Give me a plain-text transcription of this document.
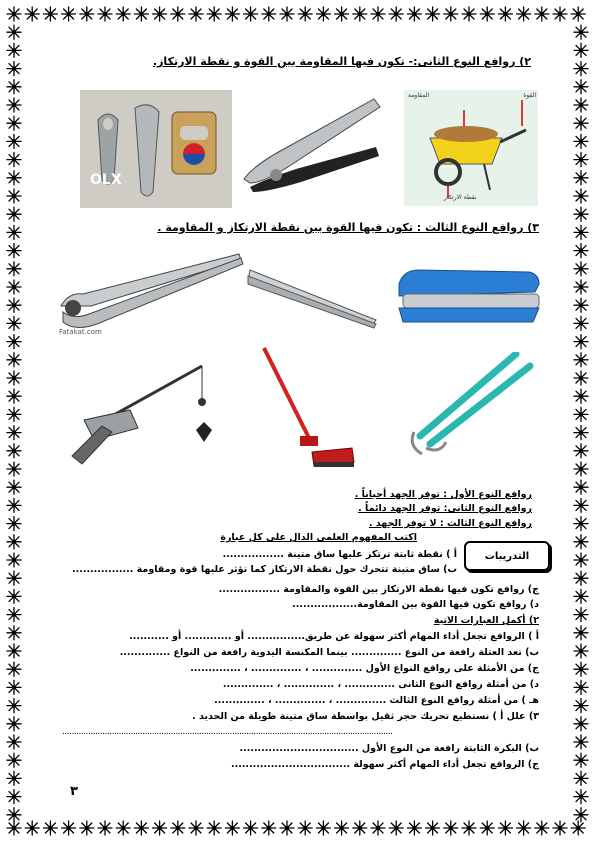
٢) روافع النوع الثانى:- تكون فيها المقاومة بين القوة و نقطة الارتكاز.
OLX
المقاومة	القوة
نقطة الارتكاز
٣) روافع النوع الثالث : تكون فيها القوة بين نقطة الارتكاز و المقاومة .
Fatakat.com
روافع النوع الأول : توفر الجهد أحياناً .
روافع النوع الثانى: توفر الجهد دائماً .
روافع النوع الثالث : لا توفر الجهد .
التدريبات
اكتب المفهوم العلمى الدال على كل عبارة
أ ) نقطة ثابتة ترتكز عليها ساق متينة .................
ب) ساق متينة تتحرك حول نقطة الارتكاز كما تؤثر عليها قوة ومقاومة .................
ج) روافع تكون فيها نقطة الارتكاز بين القوة والمقاومة .................
د) روافع تكون فيها القوة بين المقاومة..................
٢) أكمل العبارات الاتية
أ ) الروافع تجعل أداء المهام أكثر سهولة عن طريق................ أو ............. أو ...........
ب) تعد العتلة رافعة من النوع .............. بينما المكنسة اليدوية رافعة من النواع ..............
ج) من الأمثلة على روافع النواع الأول .............. ، .............. ، ..............
د) من أمثلة روافع النوع الثانى .............. ، .............. ، ..............
هـ ) من أمثلة روافع النوع الثالث .............. ، .............. ، ..............
٣) علل أ ) نستطيع تحريك حجر ثقيل بواسطة ساق متينة طويلة من الحديد .
............................................................................................................................................
ب) البكرة الثابتة رافعة من النوع الأول .................................
ج) الروافع تجعل أداء المهام أكثر سهولة .................................
٣
